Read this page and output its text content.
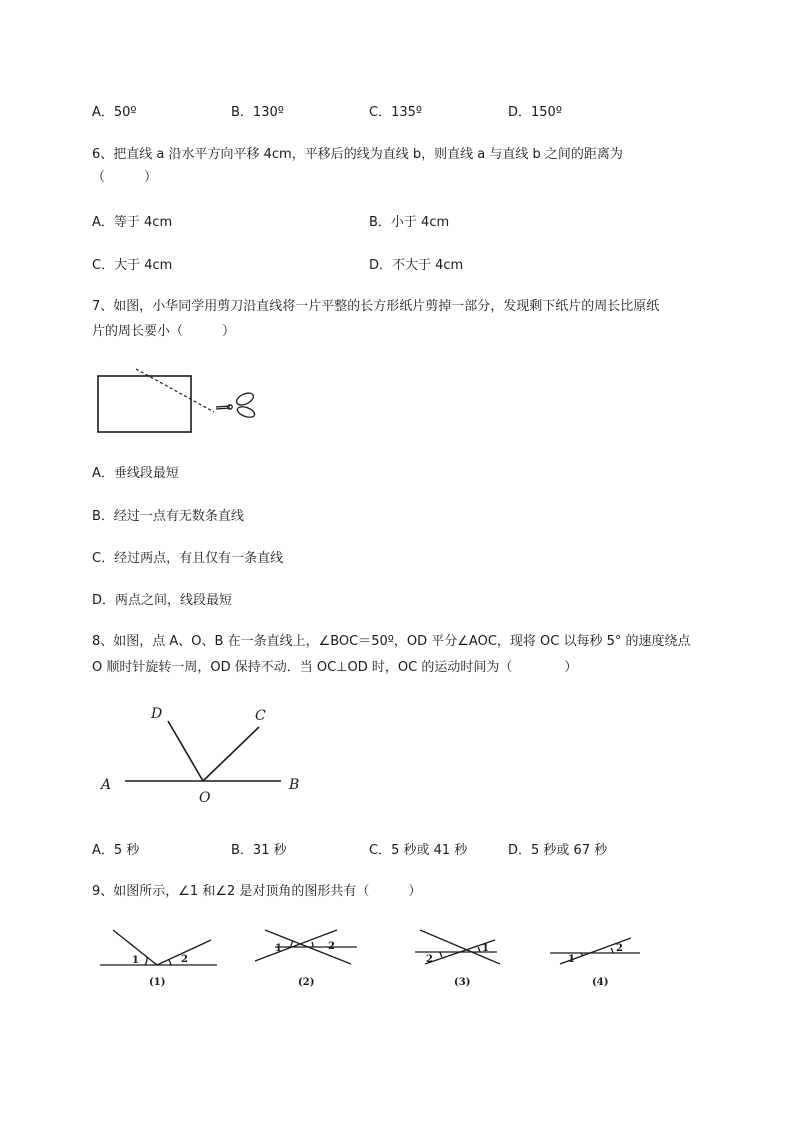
A．50º	B．130º	C．135º	D．150º
6、把直线 a 沿水平方向平移 4cm，平移后的线为直线 b，则直线 a 与直线 b 之间的距离为
（　　　）
A．等于 4cm	B．小于 4cm
C．大于 4cm	D．不大于 4cm
7、如图，小华同学用剪刀沿直线将一片平整的长方形纸片剪掉一部分，发现剩下纸片的周长比原纸
片的周长要小（　　　）
A．垂线段最短
B．经过一点有无数条直线
C．经过两点，有且仅有一条直线
D．两点之间，线段最短
8、如图，点 A、O、B 在一条直线上，∠BOC＝50º，OD 平分∠AOC，现将 OC 以每秒 5° 的速度绕点
O 顺时针旋转一周，OD 保持不动．当 OC⊥OD 时，OC 的运动时间为（　　　　）
A	B
O
D	C
A．5 秒	B．31 秒	C．5 秒或 41 秒	D．5 秒或 67 秒
9、如图所示，∠1 和∠2 是对顶角的图形共有（　　　）
1	2
1	2
2
1
1
2
(1)	(2)	(3)	(4)
